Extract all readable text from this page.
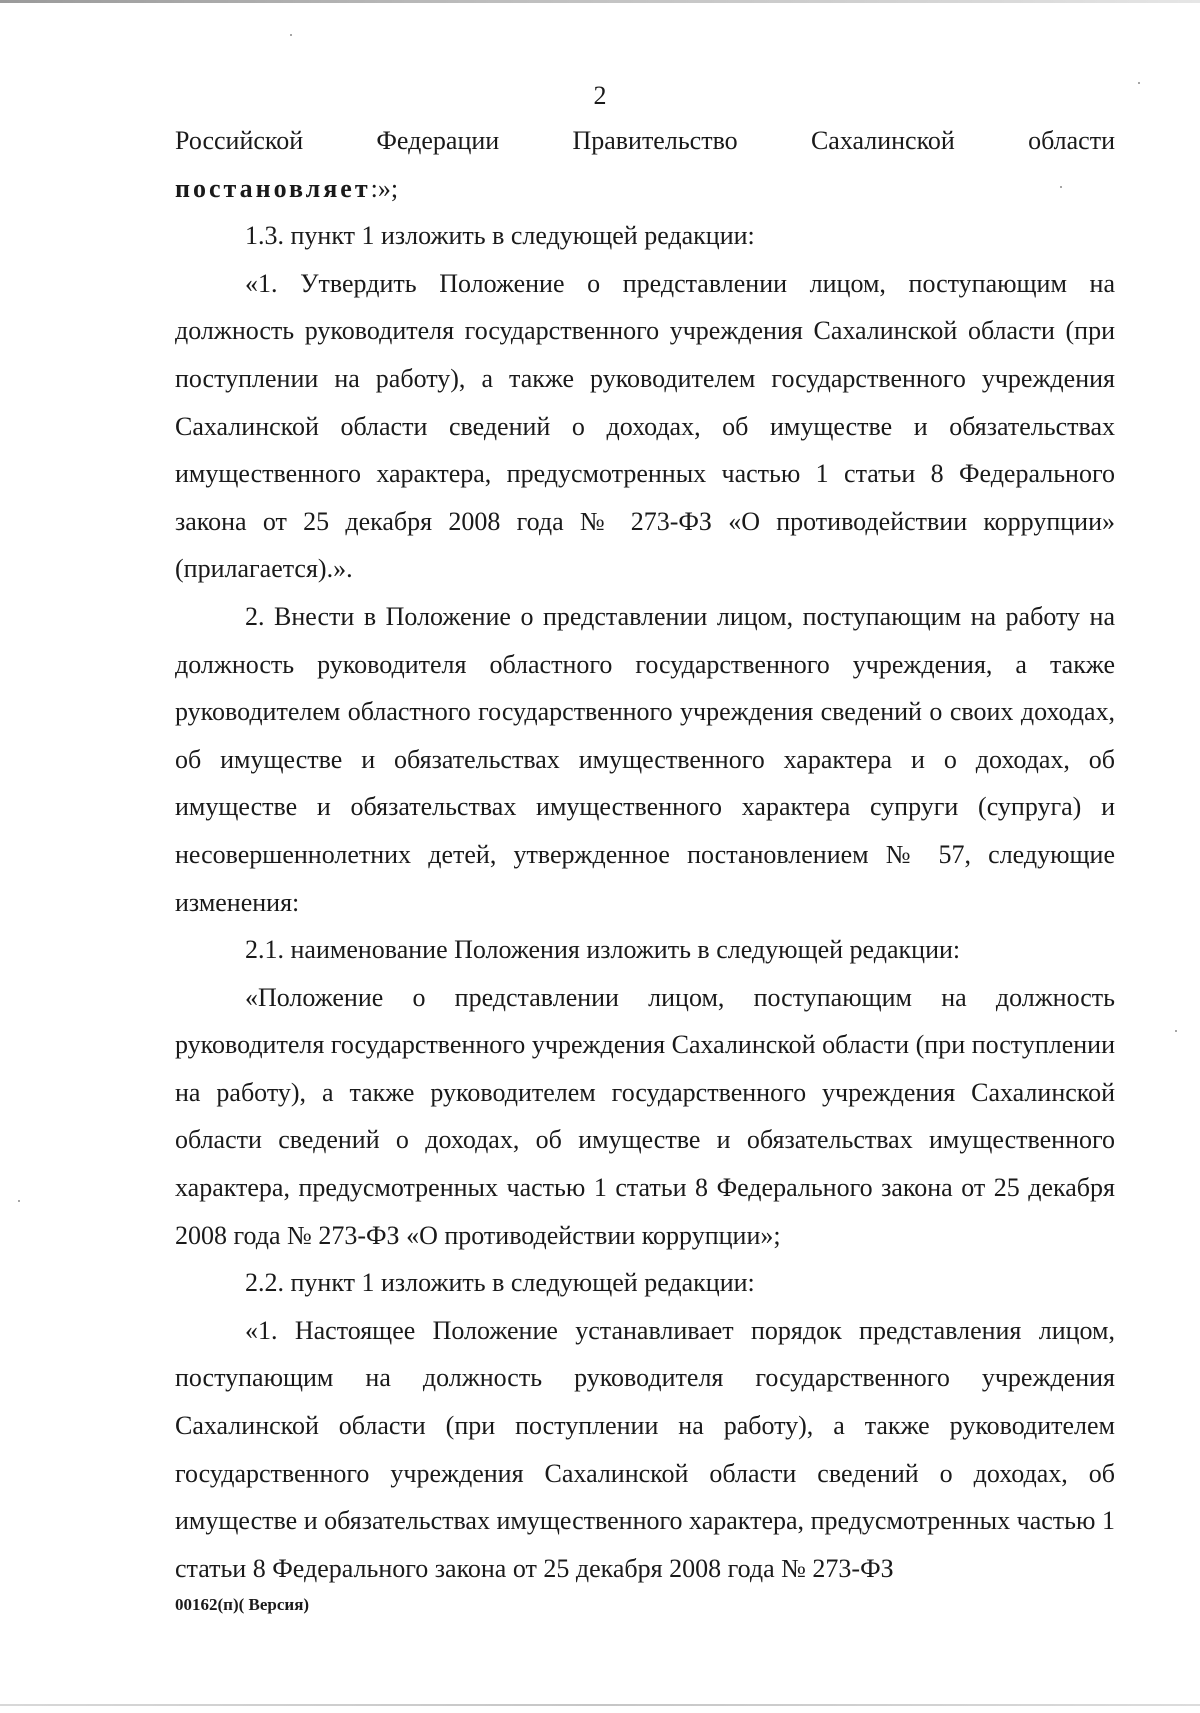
2

Российской	Федерации	Правительство	Сахалинской	области

постановляет:»;

1.3. пункт 1 изложить в следующей редакции:

«1. Утвердить Положение о представлении лицом, поступающим на должность руководителя государственного учреждения Сахалинской области (при поступлении на работу), а также руководителем государственного учреждения Сахалинской области сведений о доходах, об имуществе и обязательствах имущественного характера, предусмотренных частью 1 статьи 8 Федерального закона от 25 декабря 2008 года № 273-ФЗ «О противодействии коррупции» (прилагается).».

2. Внести в Положение о представлении лицом, поступающим на работу на должность руководителя областного государственного учреждения, а также руководителем областного государственного учреждения сведений о своих доходах, об имуществе и обязательствах имущественного характера и о доходах, об имуществе и обязательствах имущественного характера супруги (супруга) и несовершеннолетних детей, утвержденное постановлением № 57, следующие изменения:

2.1. наименование Положения изложить в следующей редакции:

«Положение о представлении лицом, поступающим на должность руководителя государственного учреждения Сахалинской области (при поступлении на работу), а также руководителем государственного учреждения Сахалинской области сведений о доходах, об имуществе и обязательствах имущественного характера, предусмотренных частью 1 статьи 8 Федерального закона от 25 декабря 2008 года № 273-ФЗ «О противодействии коррупции»;

2.2. пункт 1 изложить в следующей редакции:

«1. Настоящее Положение устанавливает порядок представления лицом, поступающим на должность руководителя государственного учреждения Сахалинской области (при поступлении на работу), а также руководителем государственного учреждения Сахалинской области сведений о доходах, об имуществе и обязательствах имущественного характера, предусмотренных частью 1 статьи 8 Федерального закона от 25 декабря 2008 года № 273-ФЗ

00162(п)( Версия)
